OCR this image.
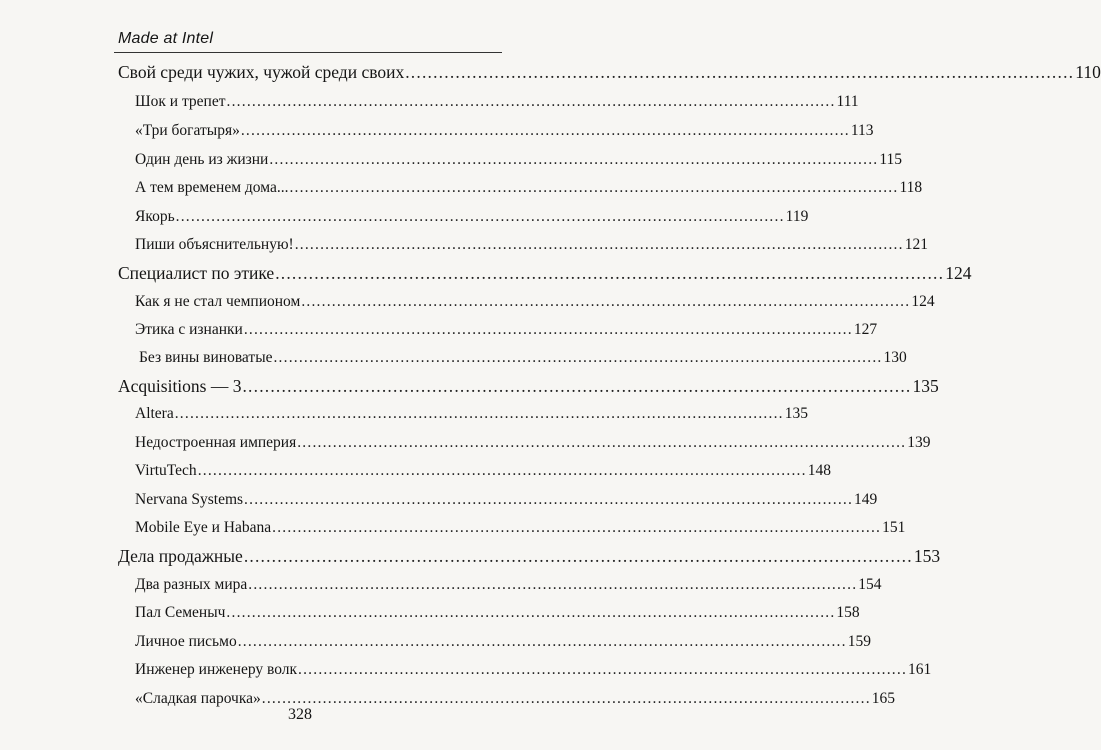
Made at Intel
Свой среди чужих, чужой среди своих ........................................................................................................................ 110
Шок и трепет ........................................................................................................................ 111
«Три богатыря» ........................................................................................................................ 113
Один день из жизни ........................................................................................................................ 115
А тем временем дома... ........................................................................................................................ 118
Якорь ........................................................................................................................ 119
Пиши объяснительную! ........................................................................................................................ 121
Специалист по этике ........................................................................................................................ 124
Как я не стал чемпионом ........................................................................................................................ 124
Этика с изнанки ........................................................................................................................ 127
Без вины виноватые ........................................................................................................................ 130
Acquisitions — 3 ........................................................................................................................ 135
Altera ........................................................................................................................ 135
Недостроенная империя ........................................................................................................................ 139
VirtuTech ........................................................................................................................ 148
Nervana Systems ........................................................................................................................ 149
Mobile Eye и Habana ........................................................................................................................ 151
Дела продажные ........................................................................................................................ 153
Два разных мира ........................................................................................................................ 154
Пал Семеныч ........................................................................................................................ 158
Личное письмо ........................................................................................................................ 159
Инженер инженеру волк ........................................................................................................................ 161
«Сладкая парочка» ........................................................................................................................ 165
328
